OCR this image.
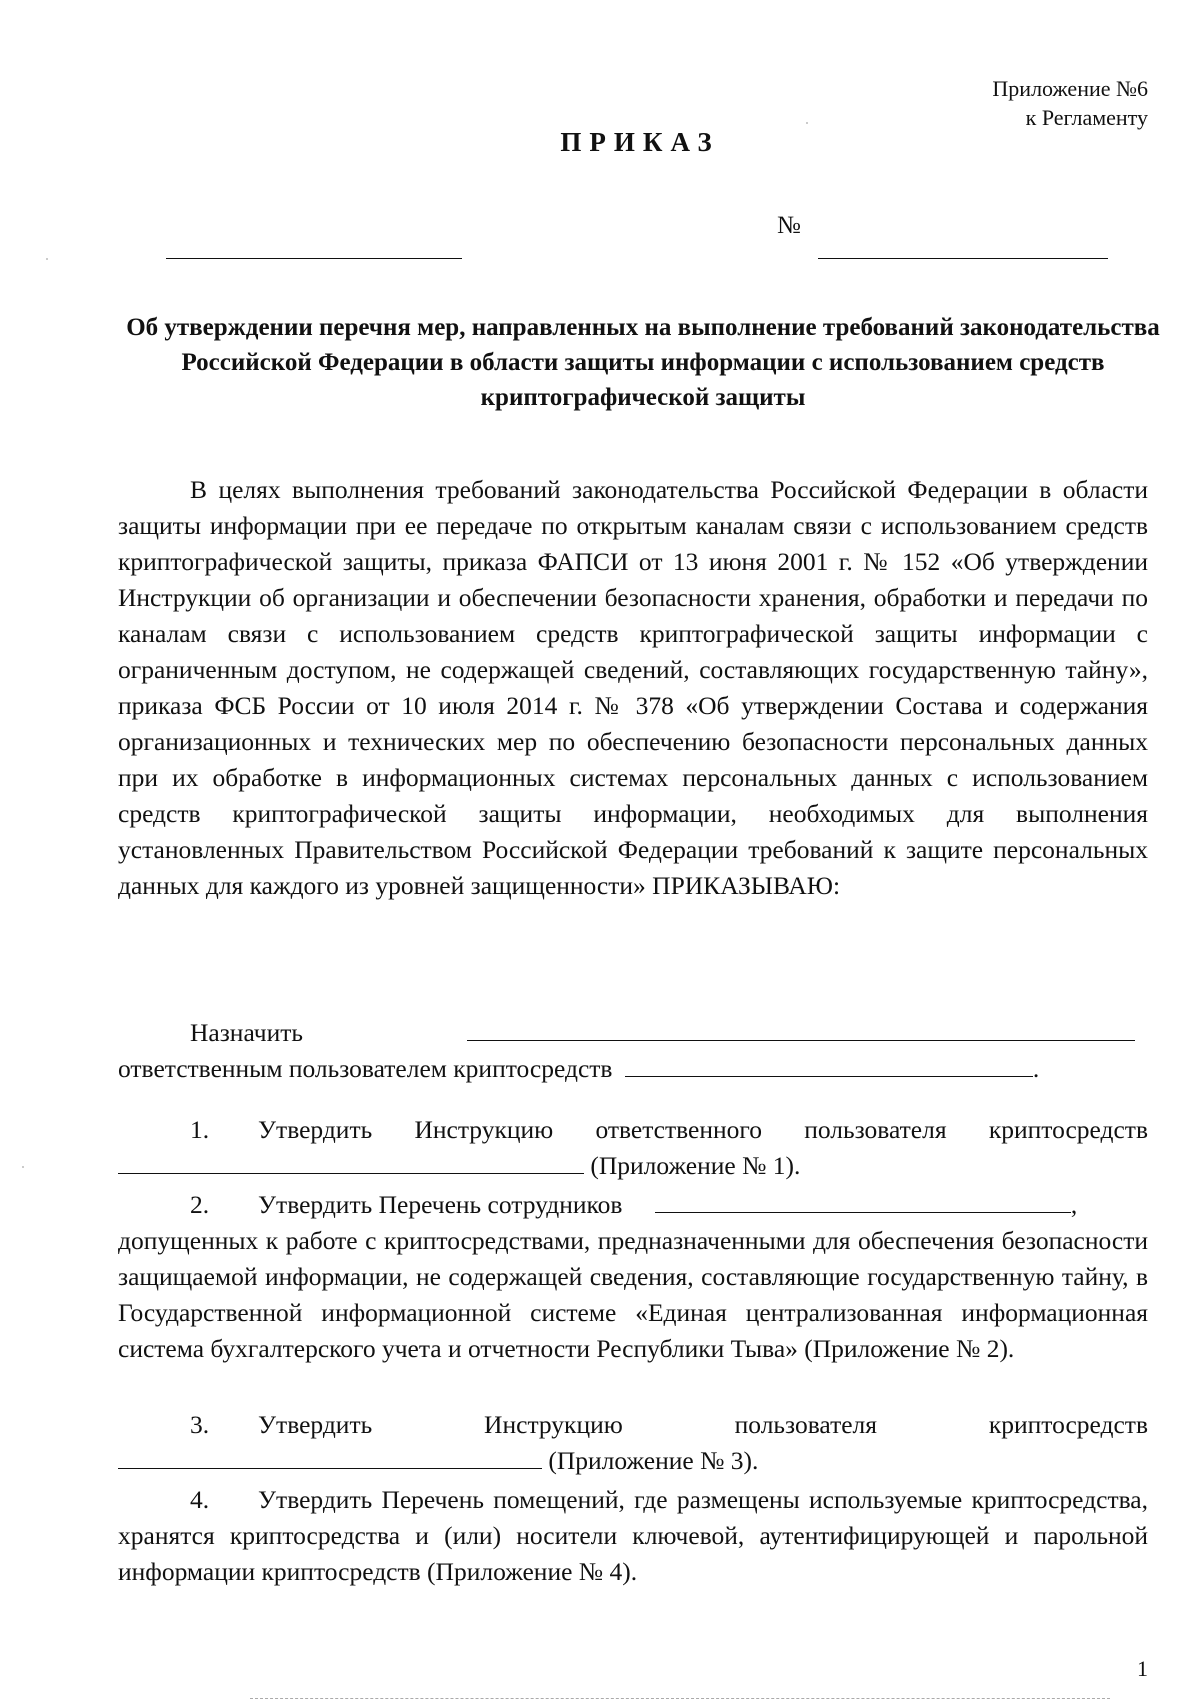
Приложение №6
к Регламенту
ПРИКАЗ
№
Об утверждении перечня мер, направленных на выполнение требований законодательства Российской Федерации в области защиты информации с использованием средств криптографической защиты
В целях выполнения требований законодательства Российской Федерации в области защиты информации при ее передаче по открытым каналам связи с использованием средств криптографической защиты, приказа ФАПСИ от 13 июня 2001 г. № 152 «Об утверждении Инструкции об организации и обеспечении безопасности хранения, обработки и передачи по каналам связи с использованием средств криптографической защиты информации с ограниченным доступом, не содержащей сведений, составляющих государственную тайну», приказа ФСБ России от 10 июля 2014 г. № 378 «Об утверждении Состава и содержания организационных и технических мер по обеспечению безопасности персональных данных при их обработке в информационных системах персональных данных с использованием средств криптографической защиты информации, необходимых для выполнения установленных Правительством Российской Федерации требований к защите персональных данных для каждого из уровней защищенности» ПРИКАЗЫВАЮ:
Назначить
ответственным пользователем криптосредств	.
1. Утвердить Инструкцию ответственного пользователя криптосредств
(Приложение № 1).
2. Утвердить Перечень сотрудников	,
допущенных к работе с криптосредствами, предназначенными для обеспечения безопасности защищаемой информации, не содержащей сведения, составляющие государственную тайну, в Государственной информационной системе «Единая централизованная информационная система бухгалтерского учета и отчетности Республики Тыва» (Приложение № 2).
3. Утвердить Инструкцию пользователя криптосредств
(Приложение № 3).
4. Утвердить Перечень помещений, где размещены используемые криптосредства, хранятся криптосредства и (или) носители ключевой, аутентифицирующей и парольной информации криптосредств (Приложение № 4).
1
